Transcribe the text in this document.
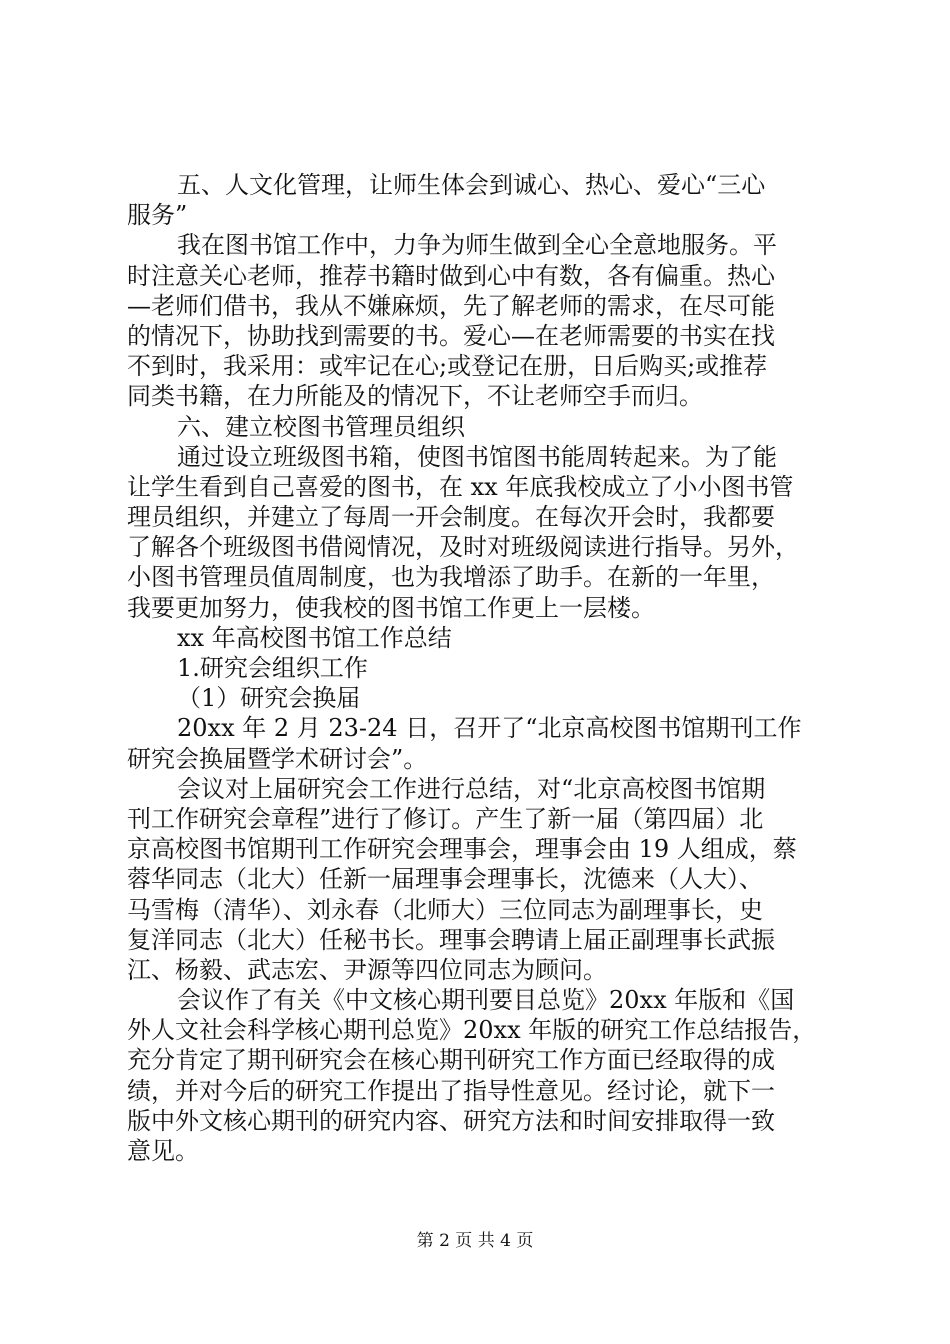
五、人文化管理，让师生体会到诚心、热心、爱心“三心
服务”
我在图书馆工作中，力争为师生做到全心全意地服务。平
时注意关心老师，推荐书籍时做到心中有数，各有偏重。热心
—老师们借书，我从不嫌麻烦，先了解老师的需求，在尽可能
的情况下，协助找到需要的书。爱心—在老师需要的书实在找
不到时，我采用：或牢记在心;或登记在册，日后购买;或推荐
同类书籍，在力所能及的情况下，不让老师空手而归。
六、建立校图书管理员组织
通过设立班级图书箱，使图书馆图书能周转起来。为了能
让学生看到自己喜爱的图书，在 xx 年底我校成立了小小图书管
理员组织，并建立了每周一开会制度。在每次开会时，我都要
了解各个班级图书借阅情况，及时对班级阅读进行指导。另外，
小图书管理员值周制度，也为我增添了助手。在新的一年里，
我要更加努力，使我校的图书馆工作更上一层楼。
xx 年高校图书馆工作总结
1.研究会组织工作
（1）研究会换届
20xx 年 2 月 23-24 日，召开了“北京高校图书馆期刊工作
研究会换届暨学术研讨会”。
会议对上届研究会工作进行总结，对“北京高校图书馆期
刊工作研究会章程”进行了修订。产生了新一届（第四届）北
京高校图书馆期刊工作研究会理事会，理事会由 19 人组成，蔡
蓉华同志（北大）任新一届理事会理事长，沈德来（人大）、
马雪梅（清华）、刘永春（北师大）三位同志为副理事长，史
复洋同志（北大）任秘书长。理事会聘请上届正副理事长武振
江、杨毅、武志宏、尹源等四位同志为顾问。
会议作了有关《中文核心期刊要目总览》20xx 年版和《国
外人文社会科学核心期刊总览》20xx 年版的研究工作总结报告，
充分肯定了期刊研究会在核心期刊研究工作方面已经取得的成
绩，并对今后的研究工作提出了指导性意见。经讨论，就下一
版中外文核心期刊的研究内容、研究方法和时间安排取得一致
意见。
第 2 页 共 4 页
